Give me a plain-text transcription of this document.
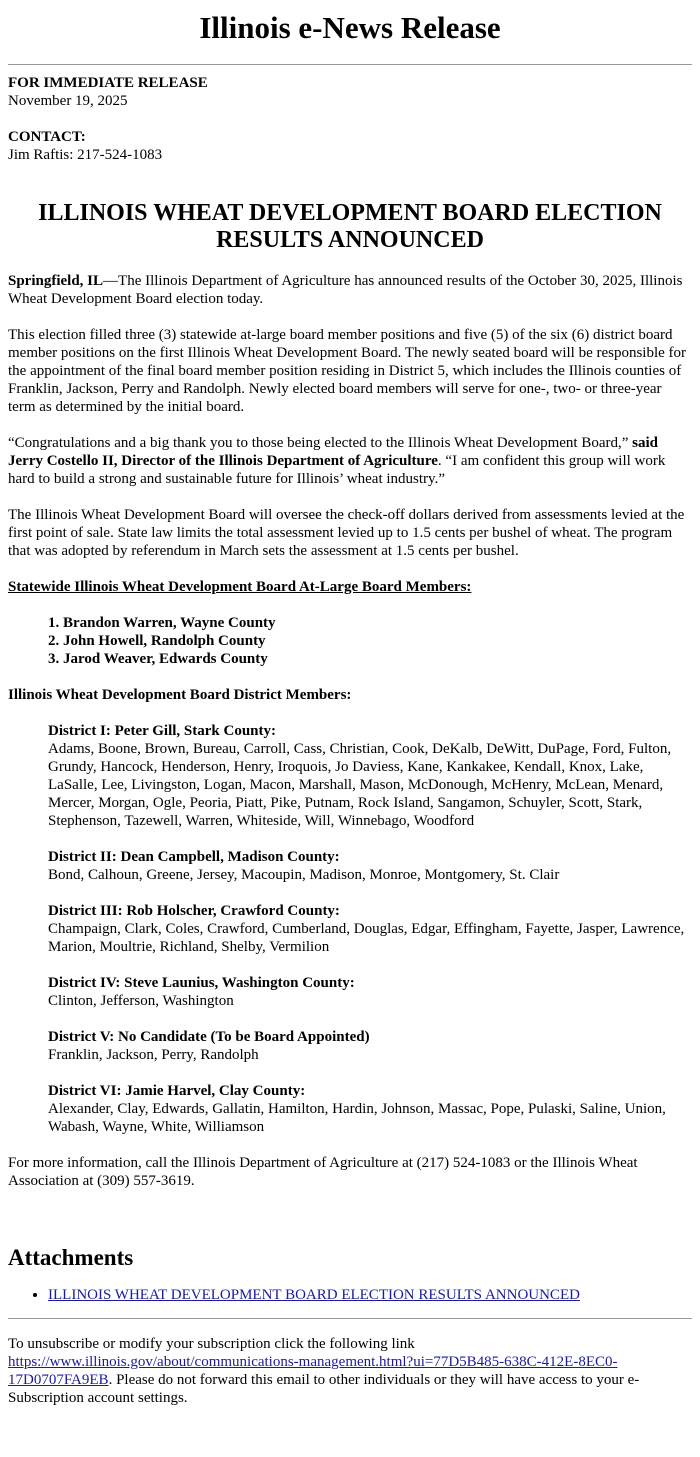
Illinois e-News Release
FOR IMMEDIATE RELEASE
November 19, 2025

CONTACT:
Jim Raftis: 217-524-1083
ILLINOIS WHEAT DEVELOPMENT BOARD ELECTION RESULTS ANNOUNCED

Springfield, IL—The Illinois Department of Agriculture has announced results of the October 30, 2025, Illinois Wheat Development Board election today.

This election filled three (3) statewide at-large board member positions and five (5) of the six (6) district board member positions on the first Illinois Wheat Development Board. The newly seated board will be responsible for the appointment of the final board member position residing in District 5, which includes the Illinois counties of Franklin, Jackson, Perry and Randolph. Newly elected board members will serve for one-, two- or three-year term as determined by the initial board.

“Congratulations and a big thank you to those being elected to the Illinois Wheat Development Board,” said Jerry Costello II, Director of the Illinois Department of Agriculture. “I am confident this group will work hard to build a strong and sustainable future for Illinois’ wheat industry.”

The Illinois Wheat Development Board will oversee the check-off dollars derived from assessments levied at the first point of sale. State law limits the total assessment levied up to 1.5 cents per bushel of wheat. The program that was adopted by referendum in March sets the assessment at 1.5 cents per bushel.

Statewide Illinois Wheat Development Board At-Large Board Members:

1. Brandon Warren, Wayne County
2. John Howell, Randolph County
3. Jarod Weaver, Edwards County

Illinois Wheat Development Board District Members:

District I: Peter Gill, Stark County:
Adams, Boone, Brown, Bureau, Carroll, Cass, Christian, Cook, DeKalb, DeWitt, DuPage, Ford, Fulton, Grundy, Hancock, Henderson, Henry, Iroquois, Jo Daviess, Kane, Kankakee, Kendall, Knox, Lake, LaSalle, Lee, Livingston, Logan, Macon, Marshall, Mason, McDonough, McHenry, McLean, Menard, Mercer, Morgan, Ogle, Peoria, Piatt, Pike, Putnam, Rock Island, Sangamon, Schuyler, Scott, Stark, Stephenson, Tazewell, Warren, Whiteside, Will, Winnebago, Woodford

District II: Dean Campbell, Madison County:
Bond, Calhoun, Greene, Jersey, Macoupin, Madison, Monroe, Montgomery, St. Clair

District III: Rob Holscher, Crawford County:
Champaign, Clark, Coles, Crawford, Cumberland, Douglas, Edgar, Effingham, Fayette, Jasper, Lawrence, Marion, Moultrie, Richland, Shelby, Vermilion

District IV: Steve Launius, Washington County:
Clinton, Jefferson, Washington

District V: No Candidate (To be Board Appointed)
Franklin, Jackson, Perry, Randolph

District VI: Jamie Harvel, Clay County:
Alexander, Clay, Edwards, Gallatin, Hamilton, Hardin, Johnson, Massac, Pope, Pulaski, Saline, Union, Wabash, Wayne, White, Williamson

For more information, call the Illinois Department of Agriculture at (217) 524-1083 or the Illinois Wheat Association at (309) 557-3619.

Attachments
• ILLINOIS WHEAT DEVELOPMENT BOARD ELECTION RESULTS ANNOUNCED

To unsubscribe or modify your subscription click the following link
https://www.illinois.gov/about/communications-management.html?ui=77D5B485-638C-412E-8EC0-17D0707FA9EB. Please do not forward this email to other individuals or they will have access to your e-Subscription account settings.
